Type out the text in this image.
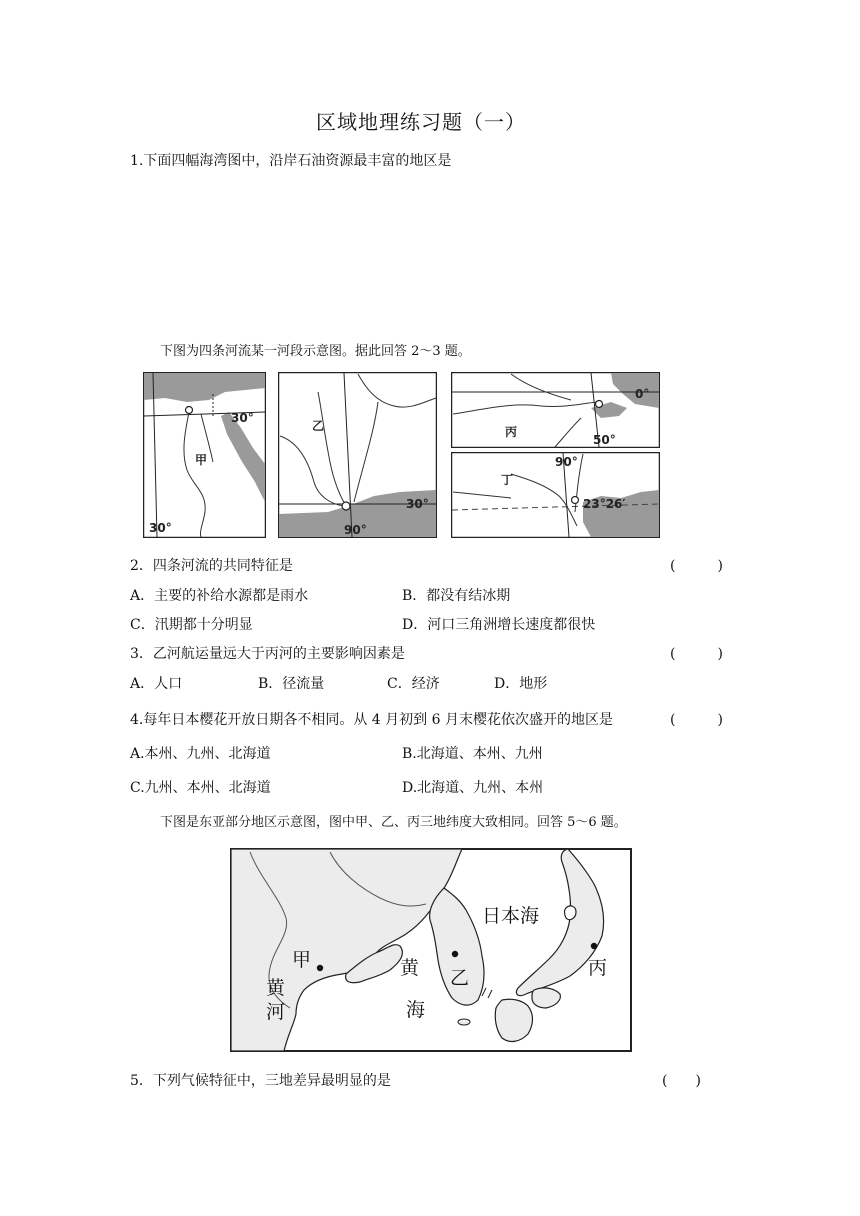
区域地理练习题（一）
1.下面四幅海湾图中，沿岸石油资源最丰富的地区是
下图为四条河流某一河段示意图。据此回答 2～3 题。
30°
甲
30°
乙
30°
90°
0°
丙
50°
90°
丁
23°26′
2．四条河流的共同特征是	(　　　)
A．主要的补给水源都是雨水	B．都没有结冰期
C．汛期都十分明显	D．河口三角洲增长速度都很快
3．乙河航运量远大于丙河的主要影响因素是	(　　　)
A．人口	B．径流量	C．经济	D．地形
4.每年日本樱花开放日期各不相同。从 4 月初到 6 月末樱花依次盛开的地区是	(　　　)
A.本州、九州、北海道	B.北海道、本州、九州
C.九州、本州、北海道	D.北海道、九州、本州
下图是东亚部分地区示意图，图中甲、乙、丙三地纬度大致相同。回答 5～6 题。
甲
乙	丙
黄
河
黄
海
日本海
5．下列气候特征中，三地差异最明显的是	(　　)
